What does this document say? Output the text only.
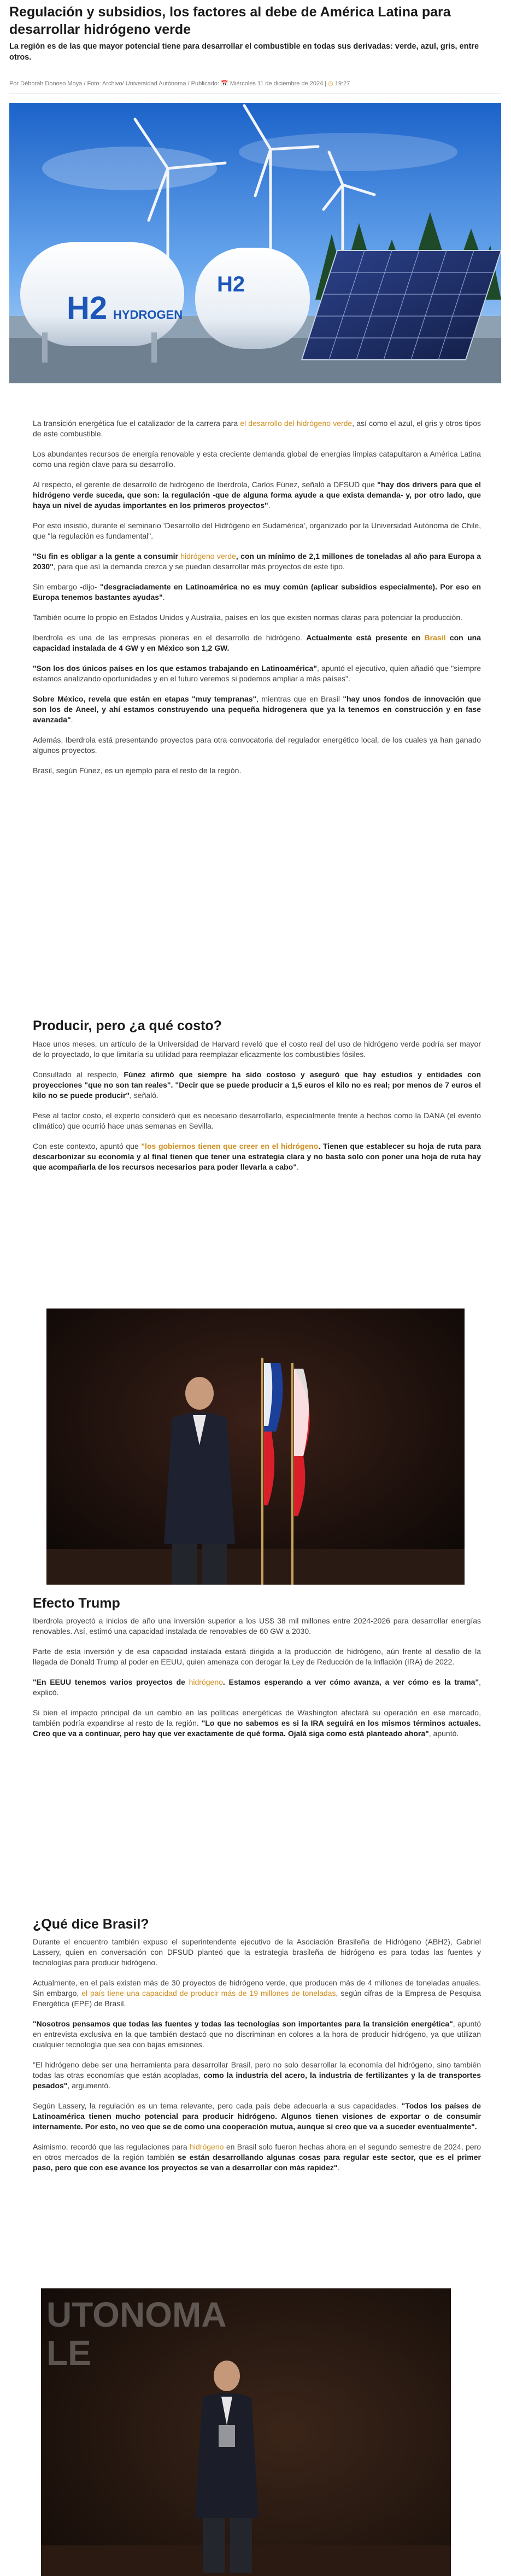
Regulación y subsidios, los factores al debe de América Latina para desarrollar hidrógeno verde

La región es de las que mayor potencial tiene para desarrollar el combustible en todas sus derivadas: verde, azul, gris, entre otros.

Por Déborah Donoso Moya / Foto: Archivo/ Universidad Autónoma / Publicado: 📅 Miércoles 11 de diciembre de 2024 | ◷ 19:27
H2 HYDROGEN
H2

La transición energética fue el catalizador de la carrera para el desarrollo del hidrógeno verde, así como el azul, el gris y otros tipos de este combustible.

Los abundantes recursos de energía renovable y esta creciente demanda global de energías limpias catapultaron a América Latina como una región clave para su desarrollo.

Al respecto, el gerente de desarrollo de hidrógeno de Iberdrola, Carlos Fúnez, señaló a DFSUD que "hay dos drivers para que el hidrógeno verde suceda, que son: la regulación -que de alguna forma ayude a que exista demanda- y, por otro lado, que haya un nivel de ayudas importantes en los primeros proyectos".

Por esto insistió, durante el seminario 'Desarrollo del Hidrógeno en Sudamérica', organizado por la Universidad Autónoma de Chile, que "la regulación es fundamental".

"Su fin es obligar a la gente a consumir hidrógeno verde, con un mínimo de 2,1 millones de toneladas al año para Europa a 2030", para que así la demanda crezca y se puedan desarrollar más proyectos de este tipo.

Sin embargo -dijo- "desgraciadamente en Latinoamérica no es muy común (aplicar subsidios especialmente). Por eso en Europa tenemos bastantes ayudas".

También ocurre lo propio en Estados Unidos y Australia, países en los que existen normas claras para potenciar la producción.

Iberdrola es una de las empresas pioneras en el desarrollo de hidrógeno. Actualmente está presente en Brasil con una capacidad instalada de 4 GW y en México son 1,2 GW.

"Son los dos únicos países en los que estamos trabajando en Latinoamérica", apuntó el ejecutivo, quien añadió que "siempre estamos analizando oportunidades y en el futuro veremos si podemos ampliar a más países".

Sobre México, revela que están en etapas "muy tempranas", mientras que en Brasil "hay unos fondos de innovación que son los de Aneel, y ahí estamos construyendo una pequeña hidrogenera que ya la tenemos en construcción y en fase avanzada".

Además, Iberdrola está presentando proyectos para otra convocatoria del regulador energético local, de los cuales ya han ganado algunos proyectos.

Brasil, según Fúnez, es un ejemplo para el resto de la región.

Producir, pero ¿a qué costo?

Hace unos meses, un artículo de la Universidad de Harvard reveló que el costo real del uso de hidrógeno verde podría ser mayor de lo proyectado, lo que limitaría su utilidad para reemplazar eficazmente los combustibles fósiles.

Consultado al respecto, Fúnez afirmó que siempre ha sido costoso y aseguró que hay estudios y entidades con proyecciones "que no son tan reales". "Decir que se puede producir a 1,5 euros el kilo no es real; por menos de 7 euros el kilo no se puede producir", señaló.

Pese al factor costo, el experto consideró que es necesario desarrollarlo, especialmente frente a hechos como la DANA (el evento climático) que ocurrió hace unas semanas en Sevilla.

Con este contexto, apuntó que "los gobiernos tienen que creer en el hidrógeno. Tienen que establecer su hoja de ruta para descarbonizar su economía y al final tienen que tener una estrategia clara y no basta solo con poner una hoja de ruta hay que acompañarla de los recursos necesarios para poder llevarla a cabo".

Efecto Trump

Iberdrola proyectó a inicios de año una inversión superior a los US$ 38 mil millones entre 2024-2026 para desarrollar energías renovables. Así, estimó una capacidad instalada de renovables de 60 GW a 2030.

Parte de esta inversión y de esa capacidad instalada estará dirigida a la producción de hidrógeno, aún frente al desafío de la llegada de Donald Trump al poder en EEUU, quien amenaza con derogar la Ley de Reducción de la Inflación (IRA) de 2022.

"En EEUU tenemos varios proyectos de hidrógeno. Estamos esperando a ver cómo avanza, a ver cómo es la trama", explicó.

Si bien el impacto principal de un cambio en las políticas energéticas de Washington afectará su operación en ese mercado, también podría expandirse al resto de la región. "Lo que no sabemos es si la IRA seguirá en los mismos términos actuales. Creo que va a continuar, pero hay que ver exactamente de qué forma. Ojalá siga como está planteado ahora", apuntó.

¿Qué dice Brasil?

Durante el encuentro también expuso el superintendente ejecutivo de la Asociación Brasileña de Hidrógeno (ABH2), Gabriel Lassery, quien en conversación con DFSUD planteó que la estrategia brasileña de hidrógeno es para todas las fuentes y tecnologías para producir hidrógeno.

Actualmente, en el país existen más de 30 proyectos de hidrógeno verde, que producen más de 4 millones de toneladas anuales. Sin embargo, el país tiene una capacidad de producir más de 19 millones de toneladas, según cifras de la Empresa de Pesquisa Energética (EPE) de Brasil.

"Nosotros pensamos que todas las fuentes y todas las tecnologías son importantes para la transición energética", apuntó en entrevista exclusiva en la que también destacó que no discriminan en colores a la hora de producir hidrógeno, ya que utilizan cualquier tecnología que sea con bajas emisiones.

"El hidrógeno debe ser una herramienta para desarrollar Brasil, pero no solo desarrollar la economía del hidrógeno, sino también todas las otras economías que están acopladas, como la industria del acero, la industria de fertilizantes y la de transportes pesados", argumentó.

Según Lassery, la regulación es un tema relevante, pero cada país debe adecuarla a sus capacidades. "Todos los países de Latinoamérica tienen mucho potencial para producir hidrógeno. Algunos tienen visiones de exportar o de consumir internamente. Por esto, no veo que se de como una cooperación mutua, aunque sí creo que va a suceder eventualmente".

Asimismo, recordó que las regulaciones para hidrógeno en Brasil solo fueron hechas ahora en el segundo semestre de 2024, pero en otros mercados de la región también se están desarrollando algunas cosas para regular este sector, que es el primer paso, pero que con ese avance los proyectos se van a desarrollar con más rapidez".

UTONOMA
LE
